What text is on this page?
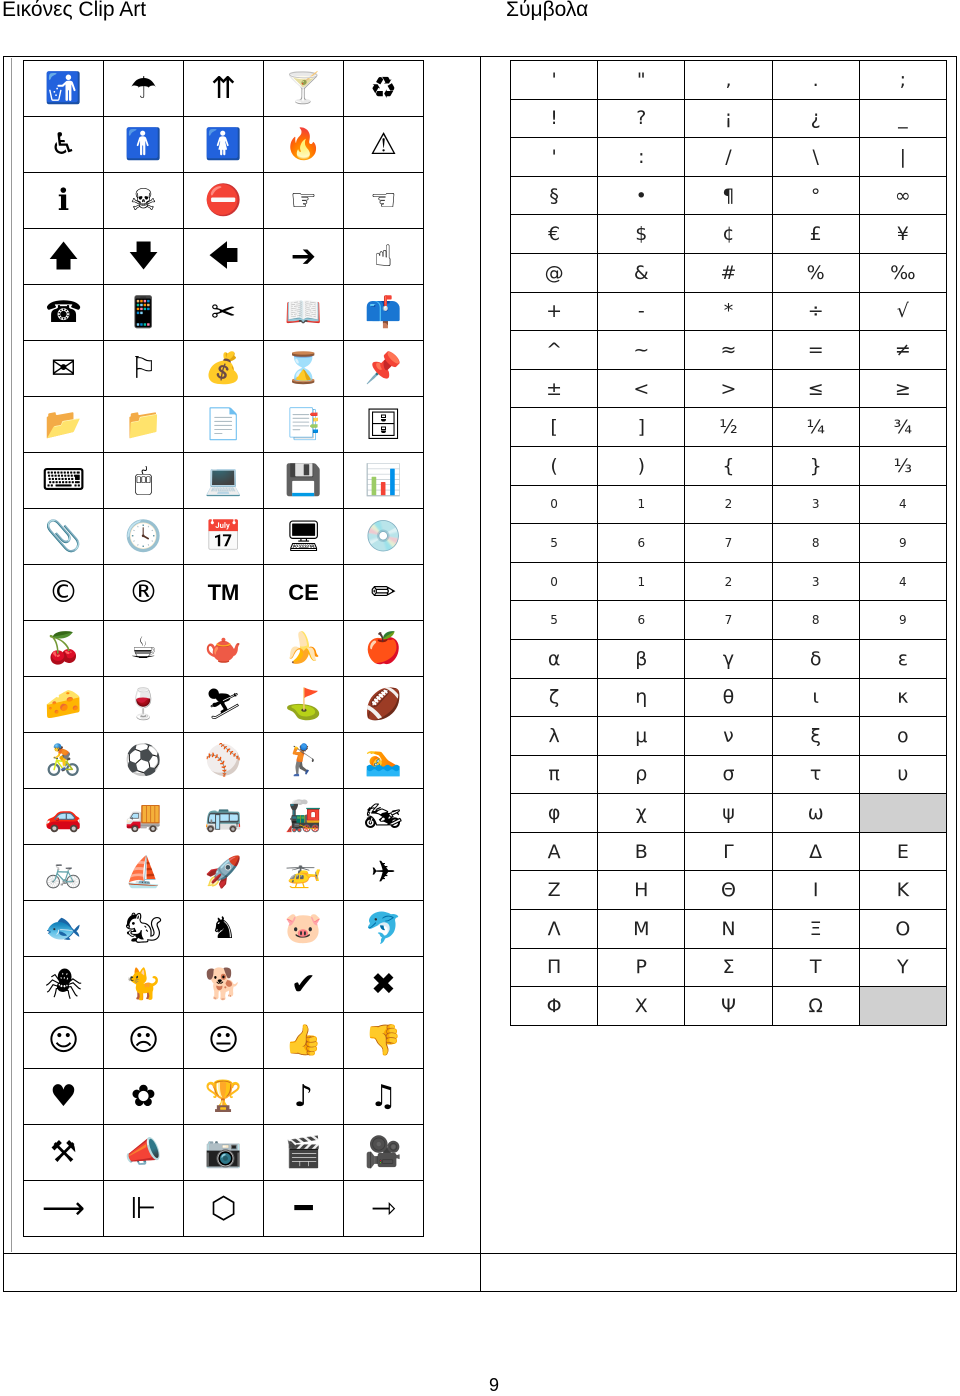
Εικόνες Clip Art	Σύμβολα
🚮 ☂ ⇈ 🍸 ♻
♿ 🚹 🚺 🔥 ⚠
ℹ ☠ ⛔ ☞ ☜
🡅 🡇 🡄 ➔ ☝
☎ 📱 ✂ 📖 📫
✉ ⚐ 💰 ⌛ 📌
📂 📁 📄 📑 🗄
⌨ 🖱 💻 💾 📊
📎 🕓 📅 🖥 💿
© ® TM CE ✏
🍒 ☕ 🫖 🍌 🍎
🧀 🍷 ⛷ ⛳ 🏈
🚴 ⚽ ⚾ 🏌 🏊
🚗 🚚 🚌 🚂 🏍
🚲 ⛵ 🚀 🚁 ✈
🐟 🐿 ♞ 🐷 🐬
🕷 🐈 🐕 ✔ ✖
☺ ☹ 😐 👍 👎
♥ ✿ 🏆 ♪ ♫
⚒ 📣 📷 🎬 🎥
⟶ ⊩ ⬡ ━ ⇾
'	"	,	.	;
!	?	¡	¿	_
'	:	/	\	|
§	•	¶	°	∞
€	$	¢	£	¥
@	&	#	%	‰
+	-	*	÷	√
^	~	≈	=	≠
±	<	>	≤	≥
[	]	½	¼	¾
(	)	{	}	⅓
0	1	2	3	4
5	6	7	8	9
0	1	2	3	4
5	6	7	8	9
α	β	γ	δ	ε
ζ	η	θ	ι	κ
λ	μ	ν	ξ	ο
π	ρ	σ	τ	υ
φ	χ	ψ	ω
Α	Β	Γ	Δ	Ε
Ζ	Η	Θ	Ι	Κ
Λ	Μ	Ν	Ξ	Ο
Π	Ρ	Σ	Τ	Υ
Φ	Χ	Ψ	Ω
9
